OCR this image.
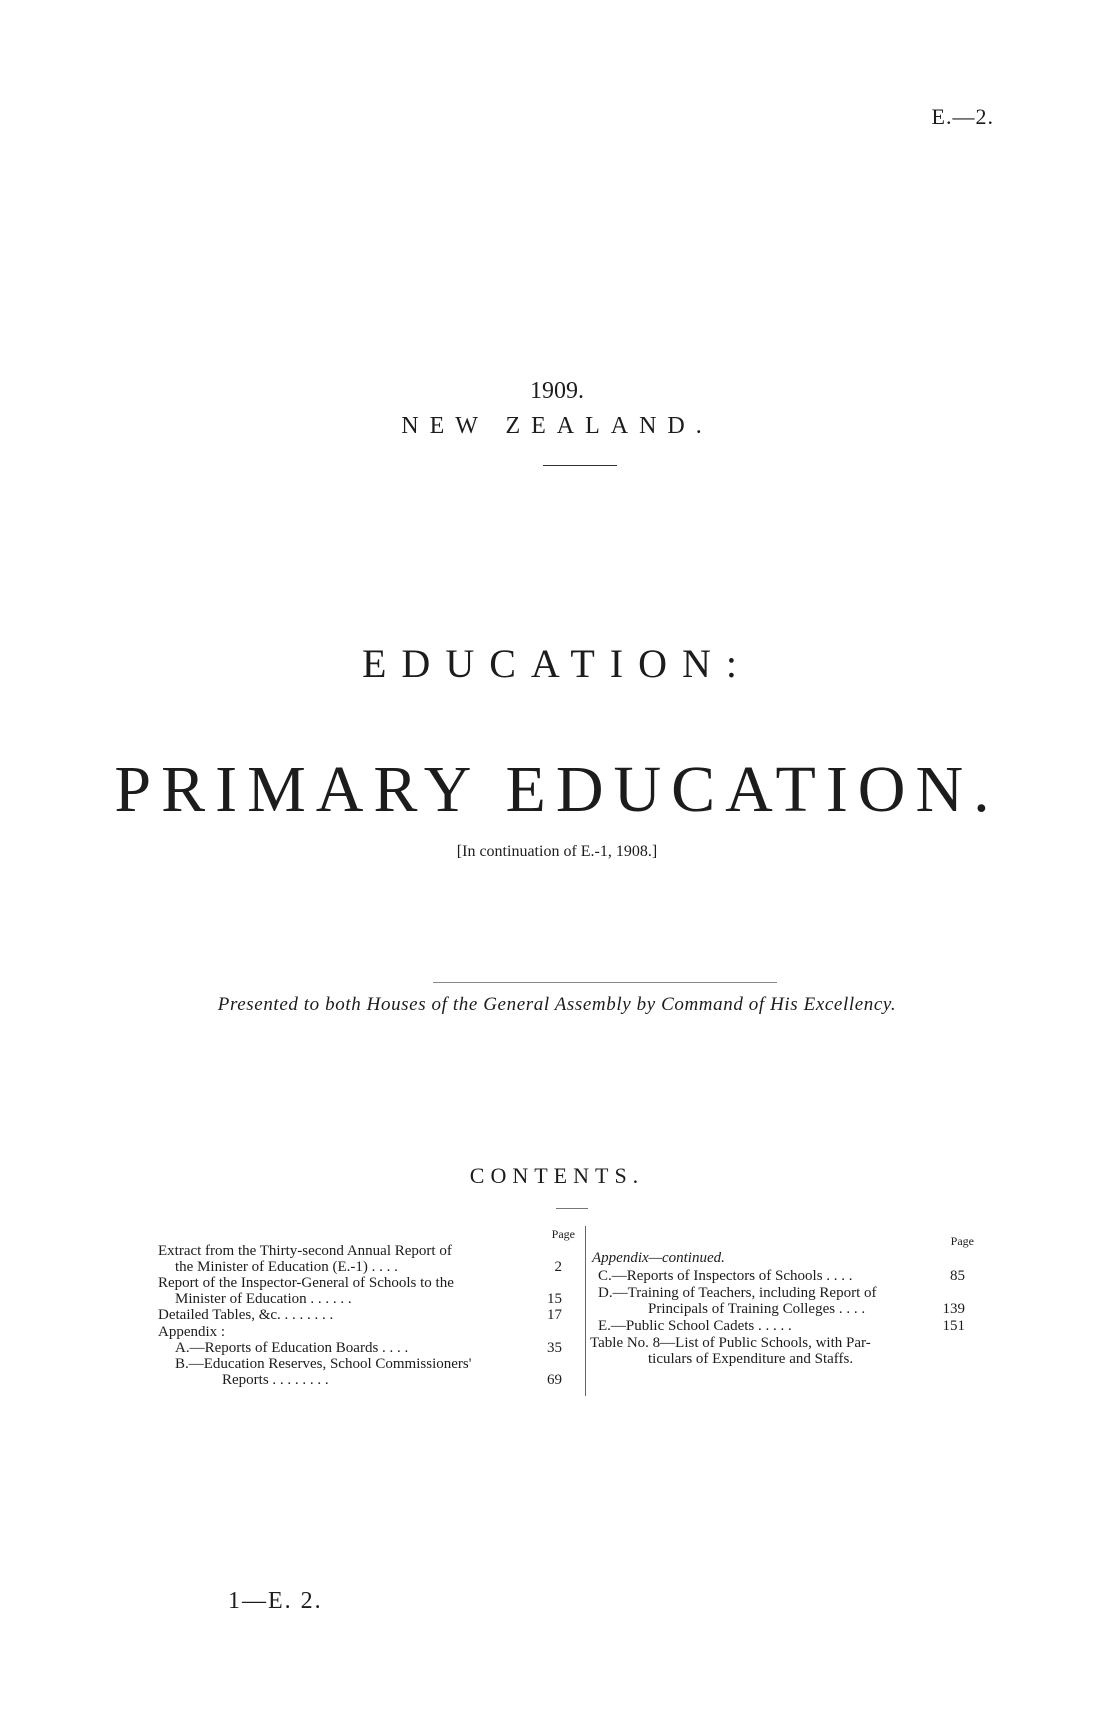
E.—2.
1909.
NEW ZEALAND.
EDUCATION:
PRIMARY EDUCATION.
[In continuation of E.-1, 1908.]
Presented to both Houses of the General Assembly by Command of His Excellency.
CONTENTS.
Page
Extract from the Thirty-second Annual Report of
the Minister of Education (E.-1) . . . .	2
Report of the Inspector-General of Schools to the
Minister of Education . . . . . .	15
Detailed Tables, &c. . . . . . . .	17
Appendix :
A.—Reports of Education Boards . . . .	35
B.—Education Reserves, School Commissioners'
Reports . . . . . . . .	69
Page
Appendix—continued.
C.—Reports of Inspectors of Schools . . . .	85
D.—Training of Teachers, including Report of
Principals of Training Colleges . . . .	139
E.—Public School Cadets . . . . .	151
Table No. 8—List of Public Schools, with Par-
ticulars of Expenditure and Staffs.
1—E. 2.
